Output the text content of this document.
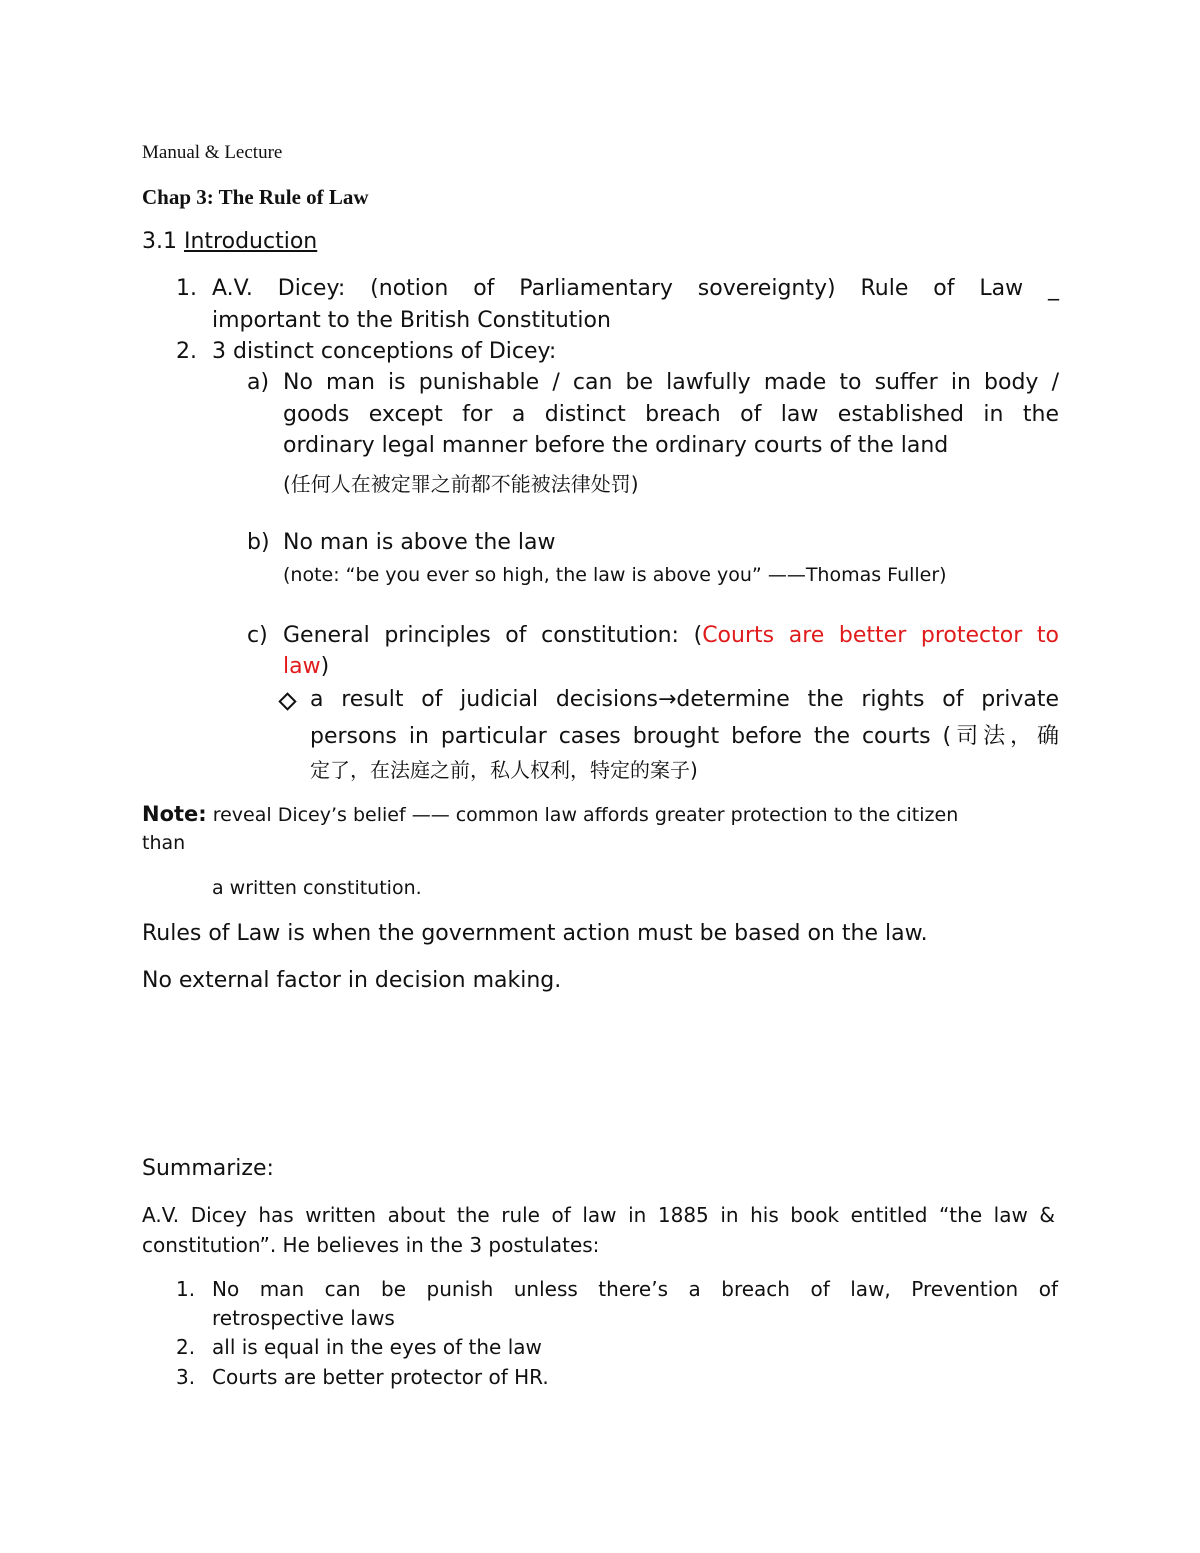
Manual & Lecture
Chap 3: The Rule of Law
3.1 Introduction
1. A.V. Dicey: (notion of Parliamentary sovereignty) Rule of Law _
important to the British Constitution
2. 3 distinct conceptions of Dicey:
a) No man is punishable / can be lawfully made to suffer in body /
goods except for a distinct breach of law established in the
ordinary legal manner before the ordinary courts of the land
(任何人在被定罪之前都不能被法律处罚)
b) No man is above the law
(note: “be you ever so high, the law is above you” ——Thomas Fuller)
c) General principles of constitution: (Courts are better protector to
law)
a result of judicial decisions→determine the rights of private
persons in particular cases brought before the courts (司法，确
定了，在法庭之前，私人权利，特定的案子)
Note: reveal Dicey’s belief —— common law affords greater protection to the citizen
than
a written constitution.
Rules of Law is when the government action must be based on the law.
No external factor in decision making.
Summarize:
A.V. Dicey has written about the rule of law in 1885 in his book entitled “the law &
constitution”. He believes in the 3 postulates:
1. No man can be punish unless there’s a breach of law, Prevention of
retrospective laws
2. all is equal in the eyes of the law
3. Courts are better protector of HR.
